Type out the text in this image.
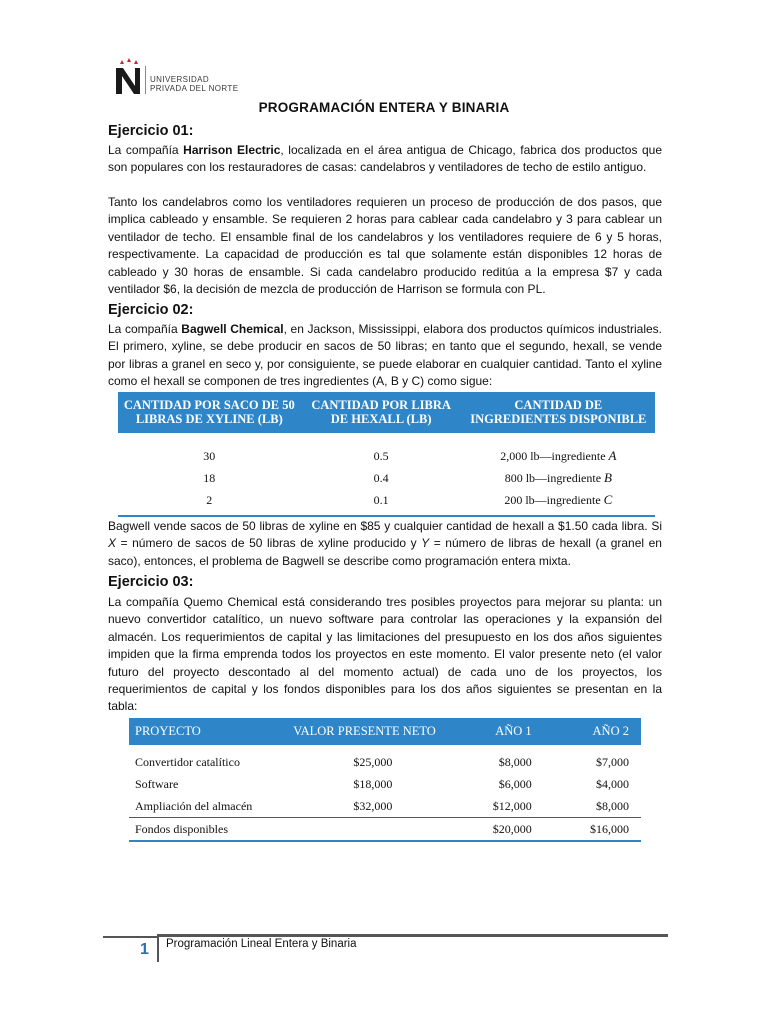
UNIVERSIDAD
PRIVADA DEL NORTE
PROGRAMACIÓN ENTERA Y BINARIA
Ejercicio 01:

La compañía Harrison Electric, localizada en el área antigua de Chicago, fabrica dos productos que son populares con los restauradores de casas: candelabros y ventiladores de techo de estilo antiguo.

Tanto los candelabros como los ventiladores requieren un proceso de producción de dos pasos, que implica cableado y ensamble. Se requieren 2 horas para cablear cada candelabro y 3 para cablear un ventilador de techo. El ensamble final de los candelabros y los ventiladores requiere de 6 y 5 horas, respectivamente. La capacidad de producción es tal que solamente están disponibles 12 horas de cableado y 30 horas de ensamble. Si cada candelabro producido reditúa a la empresa $7 y cada ventilador $6, la decisión de mezcla de producción de Harrison se formula con PL.

Ejercicio 02:

La compañía Bagwell Chemical, en Jackson, Mississippi, elabora dos productos químicos industriales. El primero, xyline, se debe producir en sacos de 50 libras; en tanto que el segundo, hexall, se vende por libras a granel en seco y, por consiguiente, se puede elaborar en cualquier cantidad. Tanto el xyline como el hexall se componen de tres ingredientes (A, B y C) como sigue:

CANTIDAD POR SACO DE 50 LIBRAS DE XYLINE (LB)	CANTIDAD POR LIBRA DE HEXALL (LB)	CANTIDAD DE INGREDIENTES DISPONIBLE
30	0.5	2,000 lb—ingrediente A
18	0.4	800 lb—ingrediente B
2	0.1	200 lb—ingrediente C

Bagwell vende sacos de 50 libras de xyline en $85 y cualquier cantidad de hexall a $1.50 cada libra. Si X = número de sacos de 50 libras de xyline producido y Y = número de libras de hexall (a granel en saco), entonces, el problema de Bagwell se describe como programación entera mixta.

Ejercicio 03:

La compañía Quemo Chemical está considerando tres posibles proyectos para mejorar su planta: un nuevo convertidor catalítico, un nuevo software para controlar las operaciones y la expansión del almacén. Los requerimientos de capital y las limitaciones del presupuesto en los dos años siguientes impiden que la firma emprenda todos los proyectos en este momento. El valor presente neto (el valor futuro del proyecto descontado al del momento actual) de cada uno de los proyectos, los requerimientos de capital y los fondos disponibles para los dos años siguientes se presentan en la tabla:

PROYECTO	VALOR PRESENTE NETO	AÑO 1	AÑO 2
Convertidor catalítico	$25,000	$8,000	$7,000
Software	$18,000	$6,000	$4,000
Ampliación del almacén	$32,000	$12,000	$8,000
Fondos disponibles		$20,000	$16,000
1 Programación Lineal Entera y Binaria
